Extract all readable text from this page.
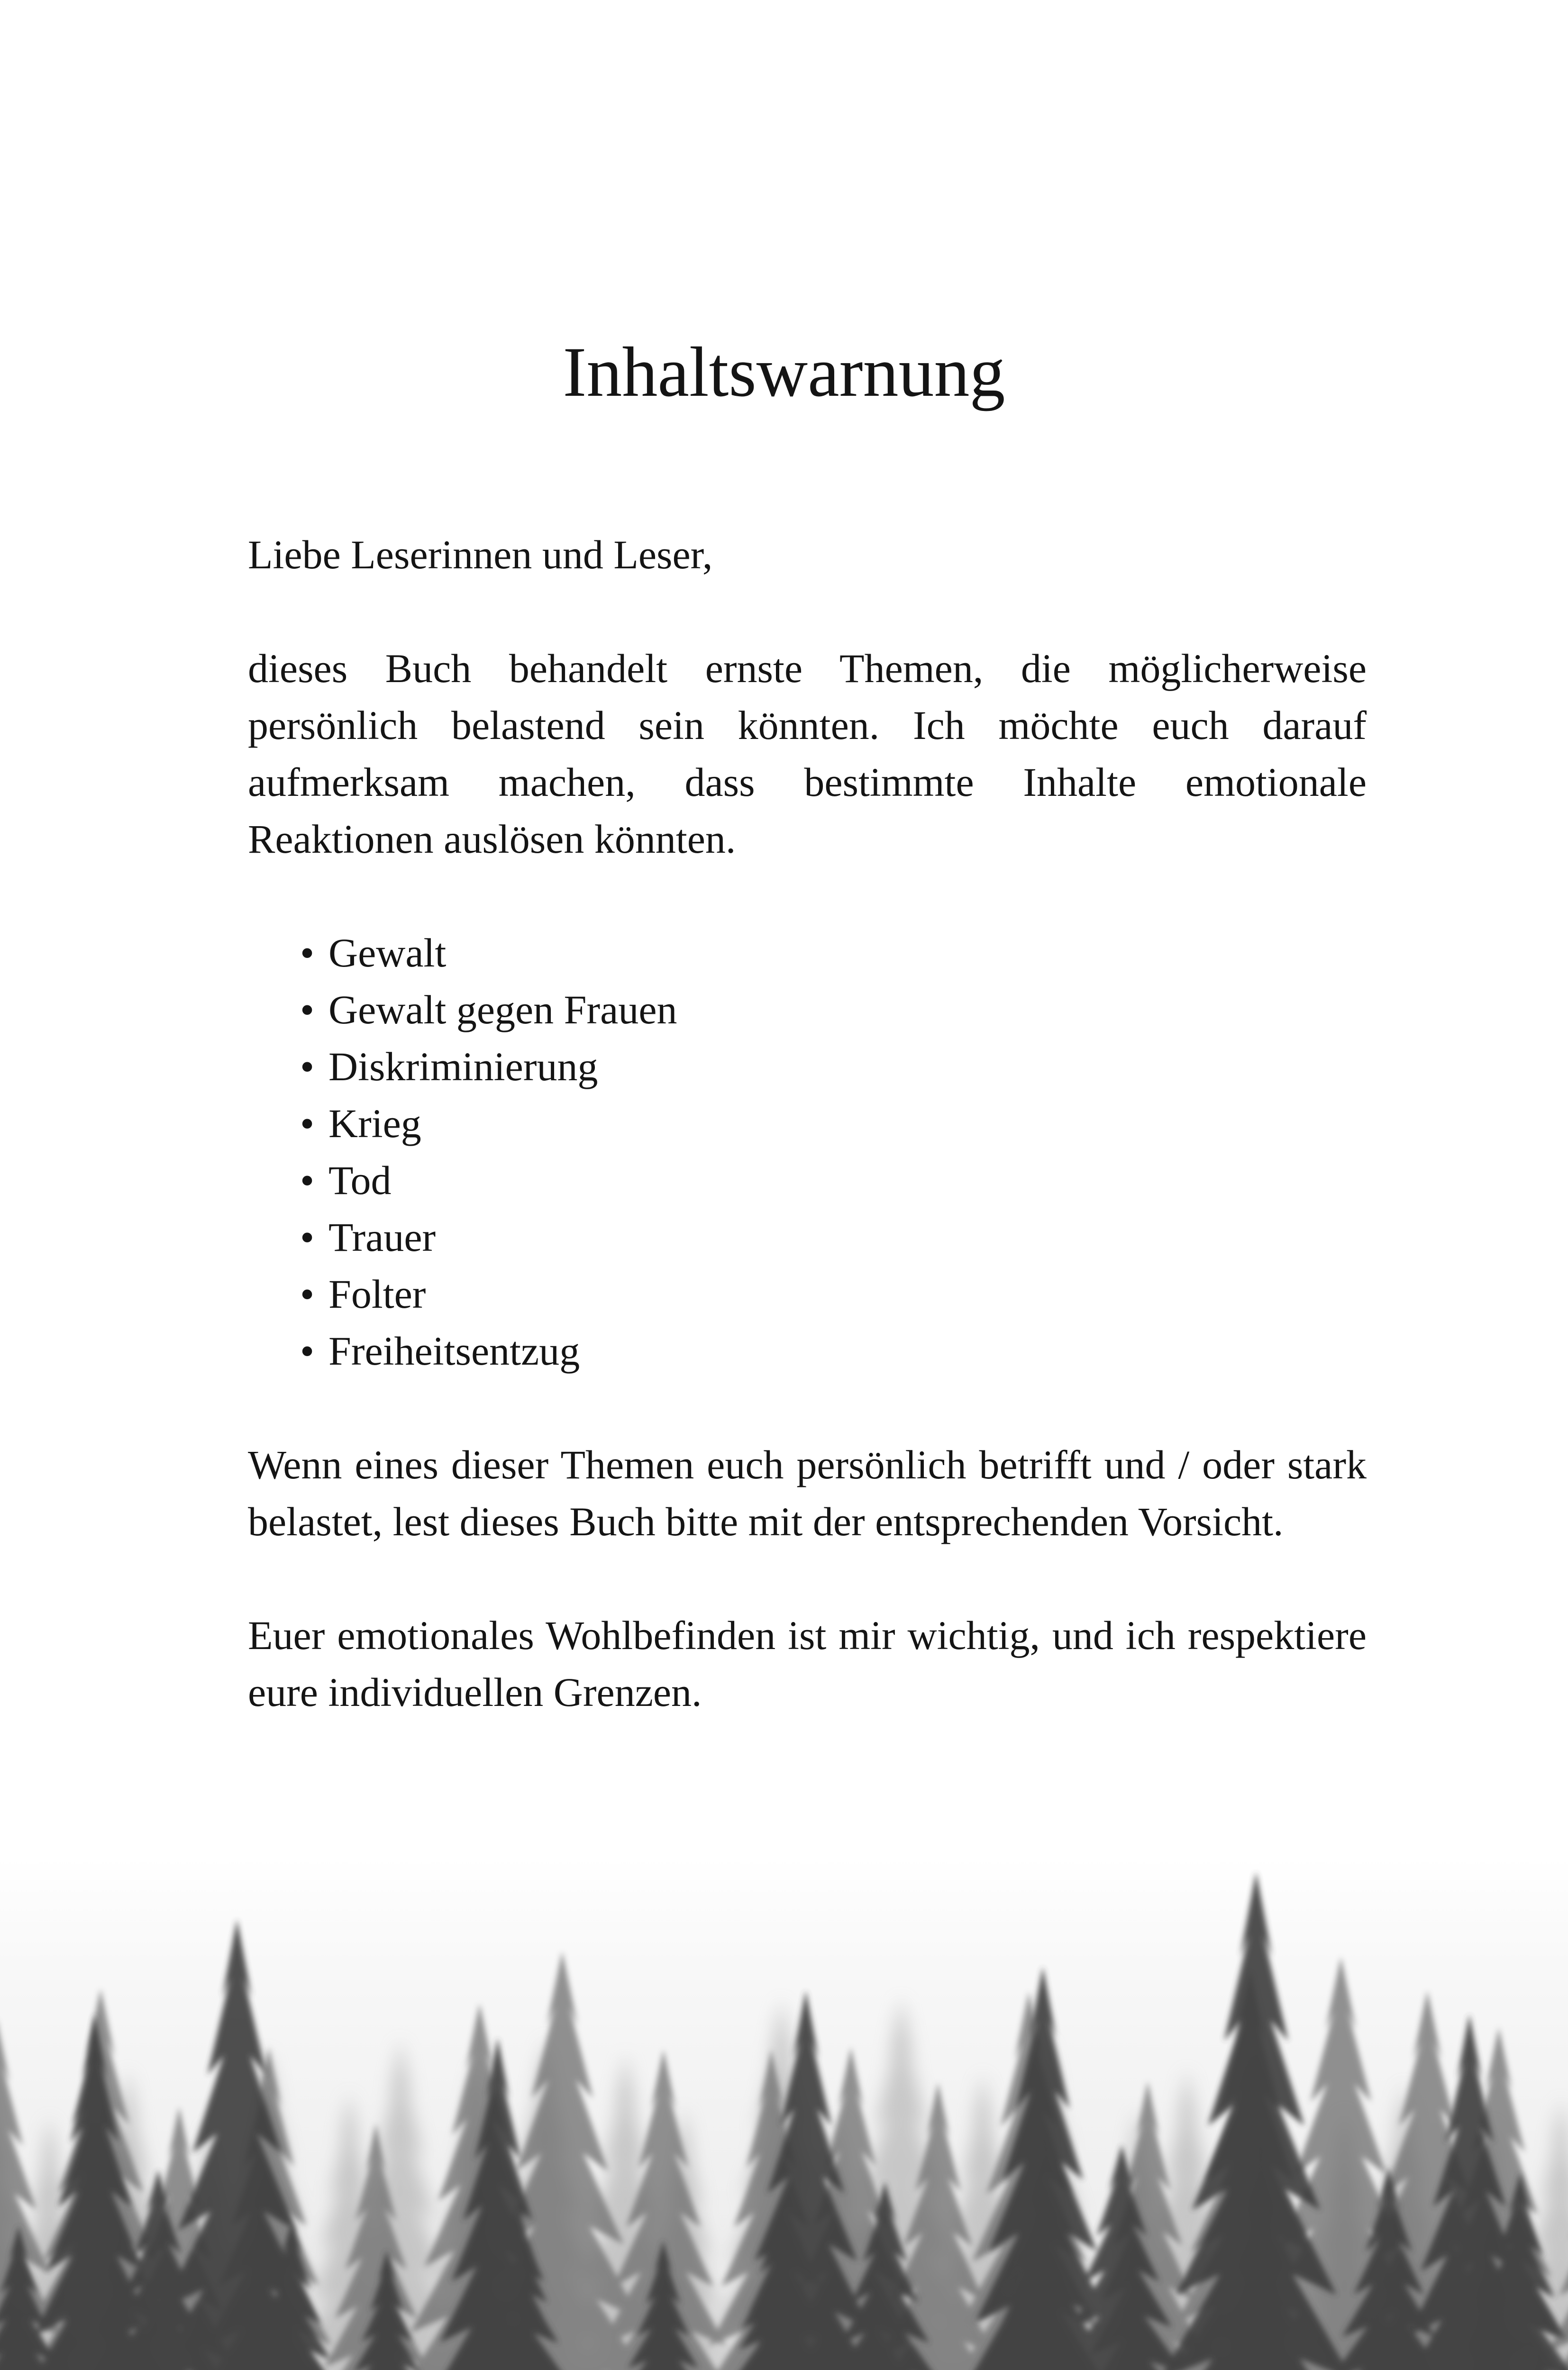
Inhaltswarnung

Liebe Leserinnen und Leser,

dieses Buch behandelt ernste Themen, die möglicherweise persönlich belastend sein könnten. Ich möchte euch darauf aufmerksam machen, dass bestimmte Inhalte emotionale Reaktionen auslösen könnten.

• Gewalt
• Gewalt gegen Frauen
• Diskriminierung
• Krieg
• Tod
• Trauer
• Folter
• Freiheitsentzug

Wenn eines dieser Themen euch persönlich betrifft und / oder stark belastet, lest dieses Buch bitte mit der entsprechenden Vorsicht.

Euer emotionales Wohlbefinden ist mir wichtig, und ich respektiere eure individuellen Grenzen.
